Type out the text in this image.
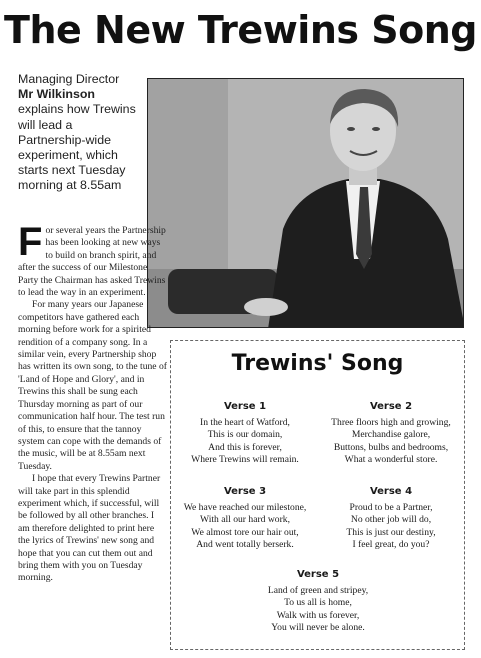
The New Trewins Song
Managing Director
Mr Wilkinson
explains how Trewins will lead a Partnership-wide experiment, which starts next Tuesday morning at 8.55am

For several years the Partnership has been looking at new ways to build on branch spirit, and after the success of our Milestone Party the Chairman has asked Trewins to lead the way in an experiment.

For many years our Japanese competitors have gathered each morning before work for a spirited rendition of a company song. In a similar vein, every Partnership shop has written its own song, to the tune of 'Land of Hope and Glory', and in Trewins this shall be sung each Thursday morning as part of our communication half hour. The test run of this, to ensure that the tannoy system can cope with the demands of the music, will be at 8.55am next Tuesday.

I hope that every Trewins Partner will take part in this splendid experiment which, if successful, will be followed by all other branches. I am therefore delighted to print here the lyrics of Trewins' new song and hope that you can cut them out and bring them with you on Tuesday morning.

Trewins' Song
Verse 1
In the heart of Watford,
This is our domain,
And this is forever,
Where Trewins will remain.
Verse 2
Three floors high and growing,
Merchandise galore,
Buttons, bulbs and bedrooms,
What a wonderful store.
Verse 3
We have reached our milestone,
With all our hard work,
We almost tore our hair out,
And went totally berserk.
Verse 4
Proud to be a Partner,
No other job will do,
This is just our destiny,
I feel great, do you?
Verse 5
Land of green and stripey,
To us all is home,
Walk with us forever,
You will never be alone.
